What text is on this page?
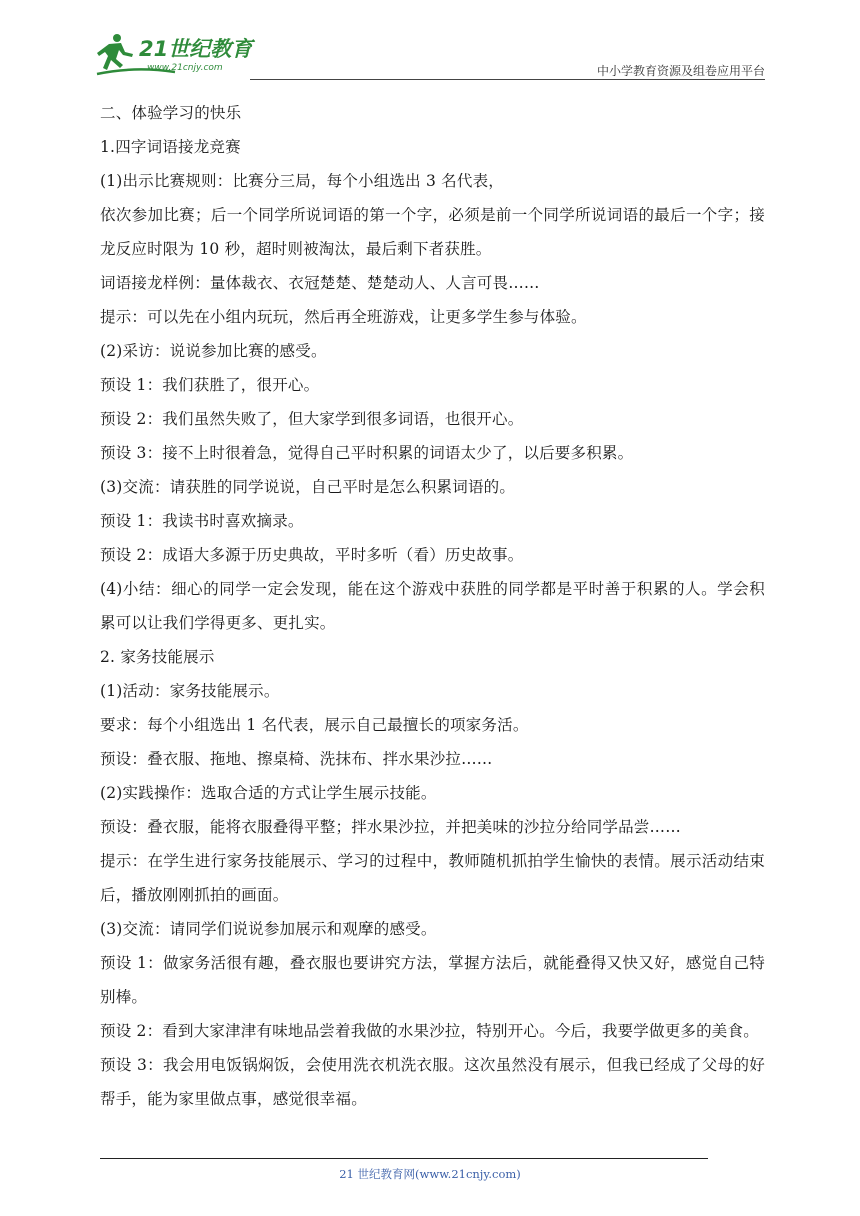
21世纪教育
www.21cnjy.com	中小学教育资源及组卷应用平台

二、体验学习的快乐

1.四字词语接龙竞赛

(1)出示比赛规则：比赛分三局，每个小组选出 3 名代表，

依次参加比赛；后一个同学所说词语的第一个字，必须是前一个同学所说词语的最后一个字；接龙反应时限为 10 秒，超时则被淘汰，最后剩下者获胜。

词语接龙样例：量体裁衣、衣冠楚楚、楚楚动人、人言可畏……

提示：可以先在小组内玩玩，然后再全班游戏，让更多学生参与体验。

(2)采访：说说参加比赛的感受。

预设 1：我们获胜了，很开心。

预设 2：我们虽然失败了，但大家学到很多词语，也很开心。

预设 3：接不上时很着急，觉得自己平时积累的词语太少了，以后要多积累。

(3)交流：请获胜的同学说说，自己平时是怎么积累词语的。

预设 1：我读书时喜欢摘录。

预设 2：成语大多源于历史典故，平时多听（看）历史故事。

(4)小结：细心的同学一定会发现，能在这个游戏中获胜的同学都是平时善于积累的人。学会积累可以让我们学得更多、更扎实。

2. 家务技能展示

(1)活动：家务技能展示。

要求：每个小组选出 1 名代表，展示自己最擅长的项家务活。

预设：叠衣服、拖地、擦桌椅、洗抹布、拌水果沙拉……

(2)实践操作：选取合适的方式让学生展示技能。

预设：叠衣服，能将衣服叠得平整；拌水果沙拉，并把美味的沙拉分给同学品尝……

提示：在学生进行家务技能展示、学习的过程中，教师随机抓拍学生愉快的表情。展示活动结束后，播放刚刚抓拍的画面。

(3)交流：请同学们说说参加展示和观摩的感受。

预设 1：做家务活很有趣，叠衣服也要讲究方法，掌握方法后，就能叠得又快又好，感觉自己特别棒。

预设 2：看到大家津津有味地品尝着我做的水果沙拉，特别开心。今后，我要学做更多的美食。

预设 3：我会用电饭锅焖饭，会使用洗衣机洗衣服。这次虽然没有展示，但我已经成了父母的好帮手，能为家里做点事，感觉很幸福。

21 世纪教育网(www.21cnjy.com)
